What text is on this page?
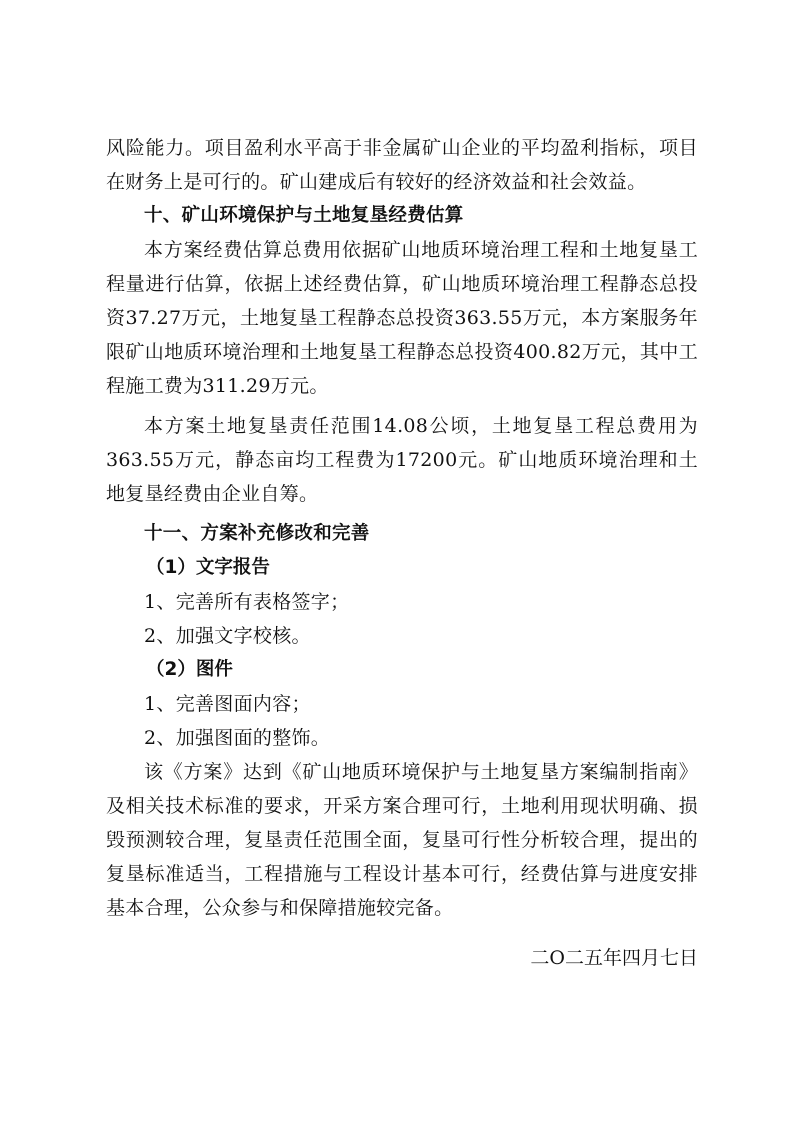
风险能力。项目盈利水平高于非金属矿山企业的平均盈利指标，项目在财务上是可行的。矿山建成后有较好的经济效益和社会效益。

十、矿山环境保护与土地复垦经费估算

本方案经费估算总费用依据矿山地质环境治理工程和土地复垦工程量进行估算，依据上述经费估算，矿山地质环境治理工程静态总投资37.27万元，土地复垦工程静态总投资363.55万元，本方案服务年限矿山地质环境治理和土地复垦工程静态总投资400.82万元，其中工程施工费为311.29万元。

本方案土地复垦责任范围14.08公顷，土地复垦工程总费用为363.55万元，静态亩均工程费为17200元。矿山地质环境治理和土地复垦经费由企业自筹。

十一、方案补充修改和完善

（1）文字报告

1、完善所有表格签字；

2、加强文字校核。

（2）图件

1、完善图面内容；

2、加强图面的整饰。

该《方案》达到《矿山地质环境保护与土地复垦方案编制指南》及相关技术标准的要求，开采方案合理可行，土地利用现状明确、损毁预测较合理，复垦责任范围全面，复垦可行性分析较合理，提出的复垦标准适当，工程措施与工程设计基本可行，经费估算与进度安排基本合理，公众参与和保障措施较完备。

二O二五年四月七日
